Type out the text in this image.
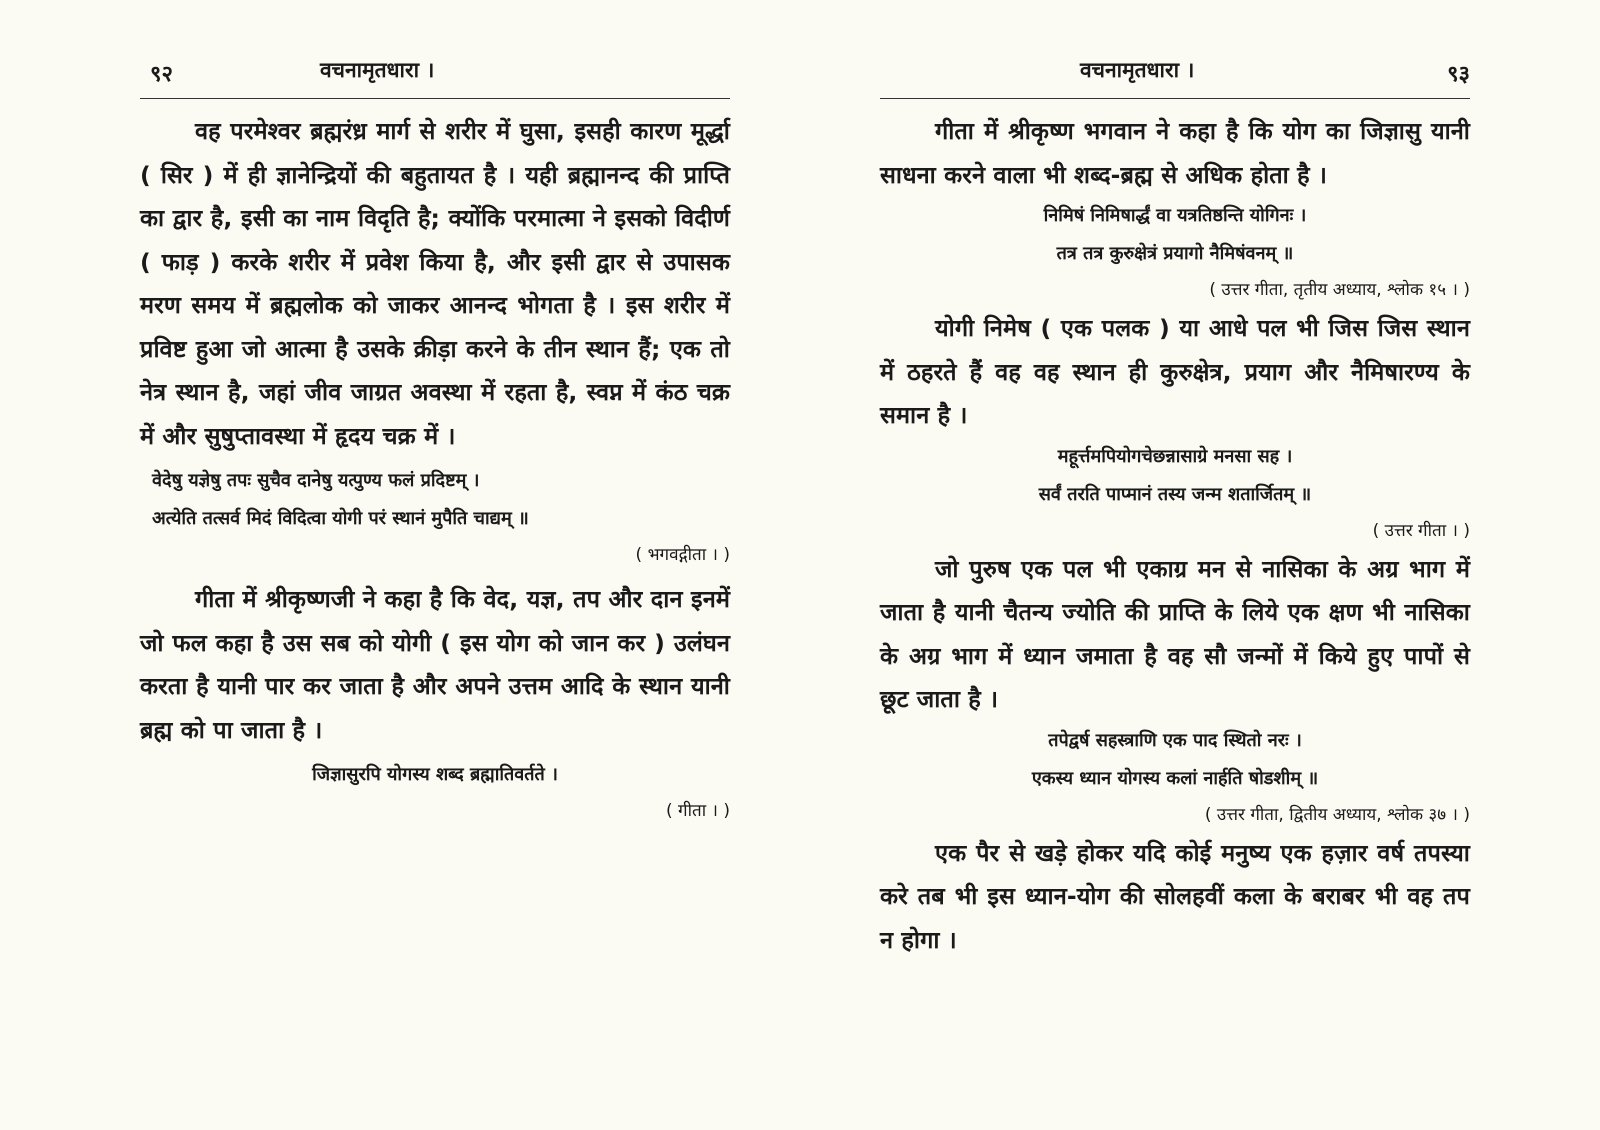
९२	वचनामृतधारा ।

वह परमेश्वर ब्रह्मरंध्र मार्ग से शरीर में घुसा, इसही कारण मूर्द्धा ( सिर ) में ही ज्ञानेन्द्रियों की बहुतायत है । यही ब्रह्मानन्द की प्राप्ति का द्वार है, इसी का नाम विदृति है; क्योंकि परमात्मा ने इसको विदीर्ण ( फाड़ ) करके शरीर में प्रवेश किया है, और इसी द्वार से उपासक मरण समय में ब्रह्मलोक को जाकर आनन्द भोगता है । इस शरीर में प्रविष्ट हुआ जो आत्मा है उसके क्रीड़ा करने के तीन स्थान हैं; एक तो नेत्र स्थान है, जहां जीव जाग्रत अवस्था में रहता है, स्वप्न में कंठ चक्र में और सुषुप्तावस्था में हृदय चक्र में ।

वेदेषु यज्ञेषु तपः सुचैव दानेषु यत्पुण्य फलं प्रदिष्टम् ।

अत्येति तत्सर्व मिदं विदित्वा योगी परं स्थानं मुपैति चाद्यम् ॥

( भगवद्गीता । )

गीता में श्रीकृष्णजी ने कहा है कि वेद, यज्ञ, तप और दान इनमें जो फल कहा है उस सब को योगी ( इस योग को जान कर ) उलंघन करता है यानी पार कर जाता है और अपने उत्तम आदि के स्थान यानी ब्रह्म को पा जाता है ।

जिज्ञासुरपि योगस्य शब्द ब्रह्मातिवर्तते ।

( गीता । )

वचनामृतधारा ।	९३

गीता में श्रीकृष्ण भगवान ने कहा है कि योग का जिज्ञासु यानी साधना करने वाला भी शब्द-ब्रह्म से अधिक होता है ।

निमिषं निमिषार्द्धं वा यत्रतिष्ठन्ति योगिनः ।

तत्र तत्र कुरुक्षेत्रं प्रयागो नैमिषंवनम् ॥

( उत्तर गीता, तृतीय अध्याय, श्लोक १५ । )

योगी निमेष ( एक पलक ) या आधे पल भी जिस जिस स्थान में ठहरते हैं वह वह स्थान ही कुरुक्षेत्र, प्रयाग और नैमिषारण्य के समान है ।

महूर्त्तमपियोगचेछन्नासाग्रे मनसा सह ।

सर्वं तरति पाप्मानं तस्य जन्म शतार्जितम् ॥

( उत्तर गीता । )

जो पुरुष एक पल भी एकाग्र मन से नासिका के अग्र भाग में जाता है यानी चैतन्य ज्योति की प्राप्ति के लिये एक क्षण भी नासिका के अग्र भाग में ध्यान जमाता है वह सौ जन्मों में किये हुए पापों से छूट जाता है ।

तपेद्वर्ष सहस्त्राणि एक पाद स्थितो नरः ।

एकस्य ध्यान योगस्य कलां नार्हति षोडशीम् ॥

( उत्तर गीता, द्वितीय अध्याय, श्लोक ३७ । )

एक पैर से खड़े होकर यदि कोई मनुष्य एक हज़ार वर्ष तपस्या करे तब भी इस ध्यान-योग की सोलहवीं कला के बराबर भी वह तप न होगा ।
